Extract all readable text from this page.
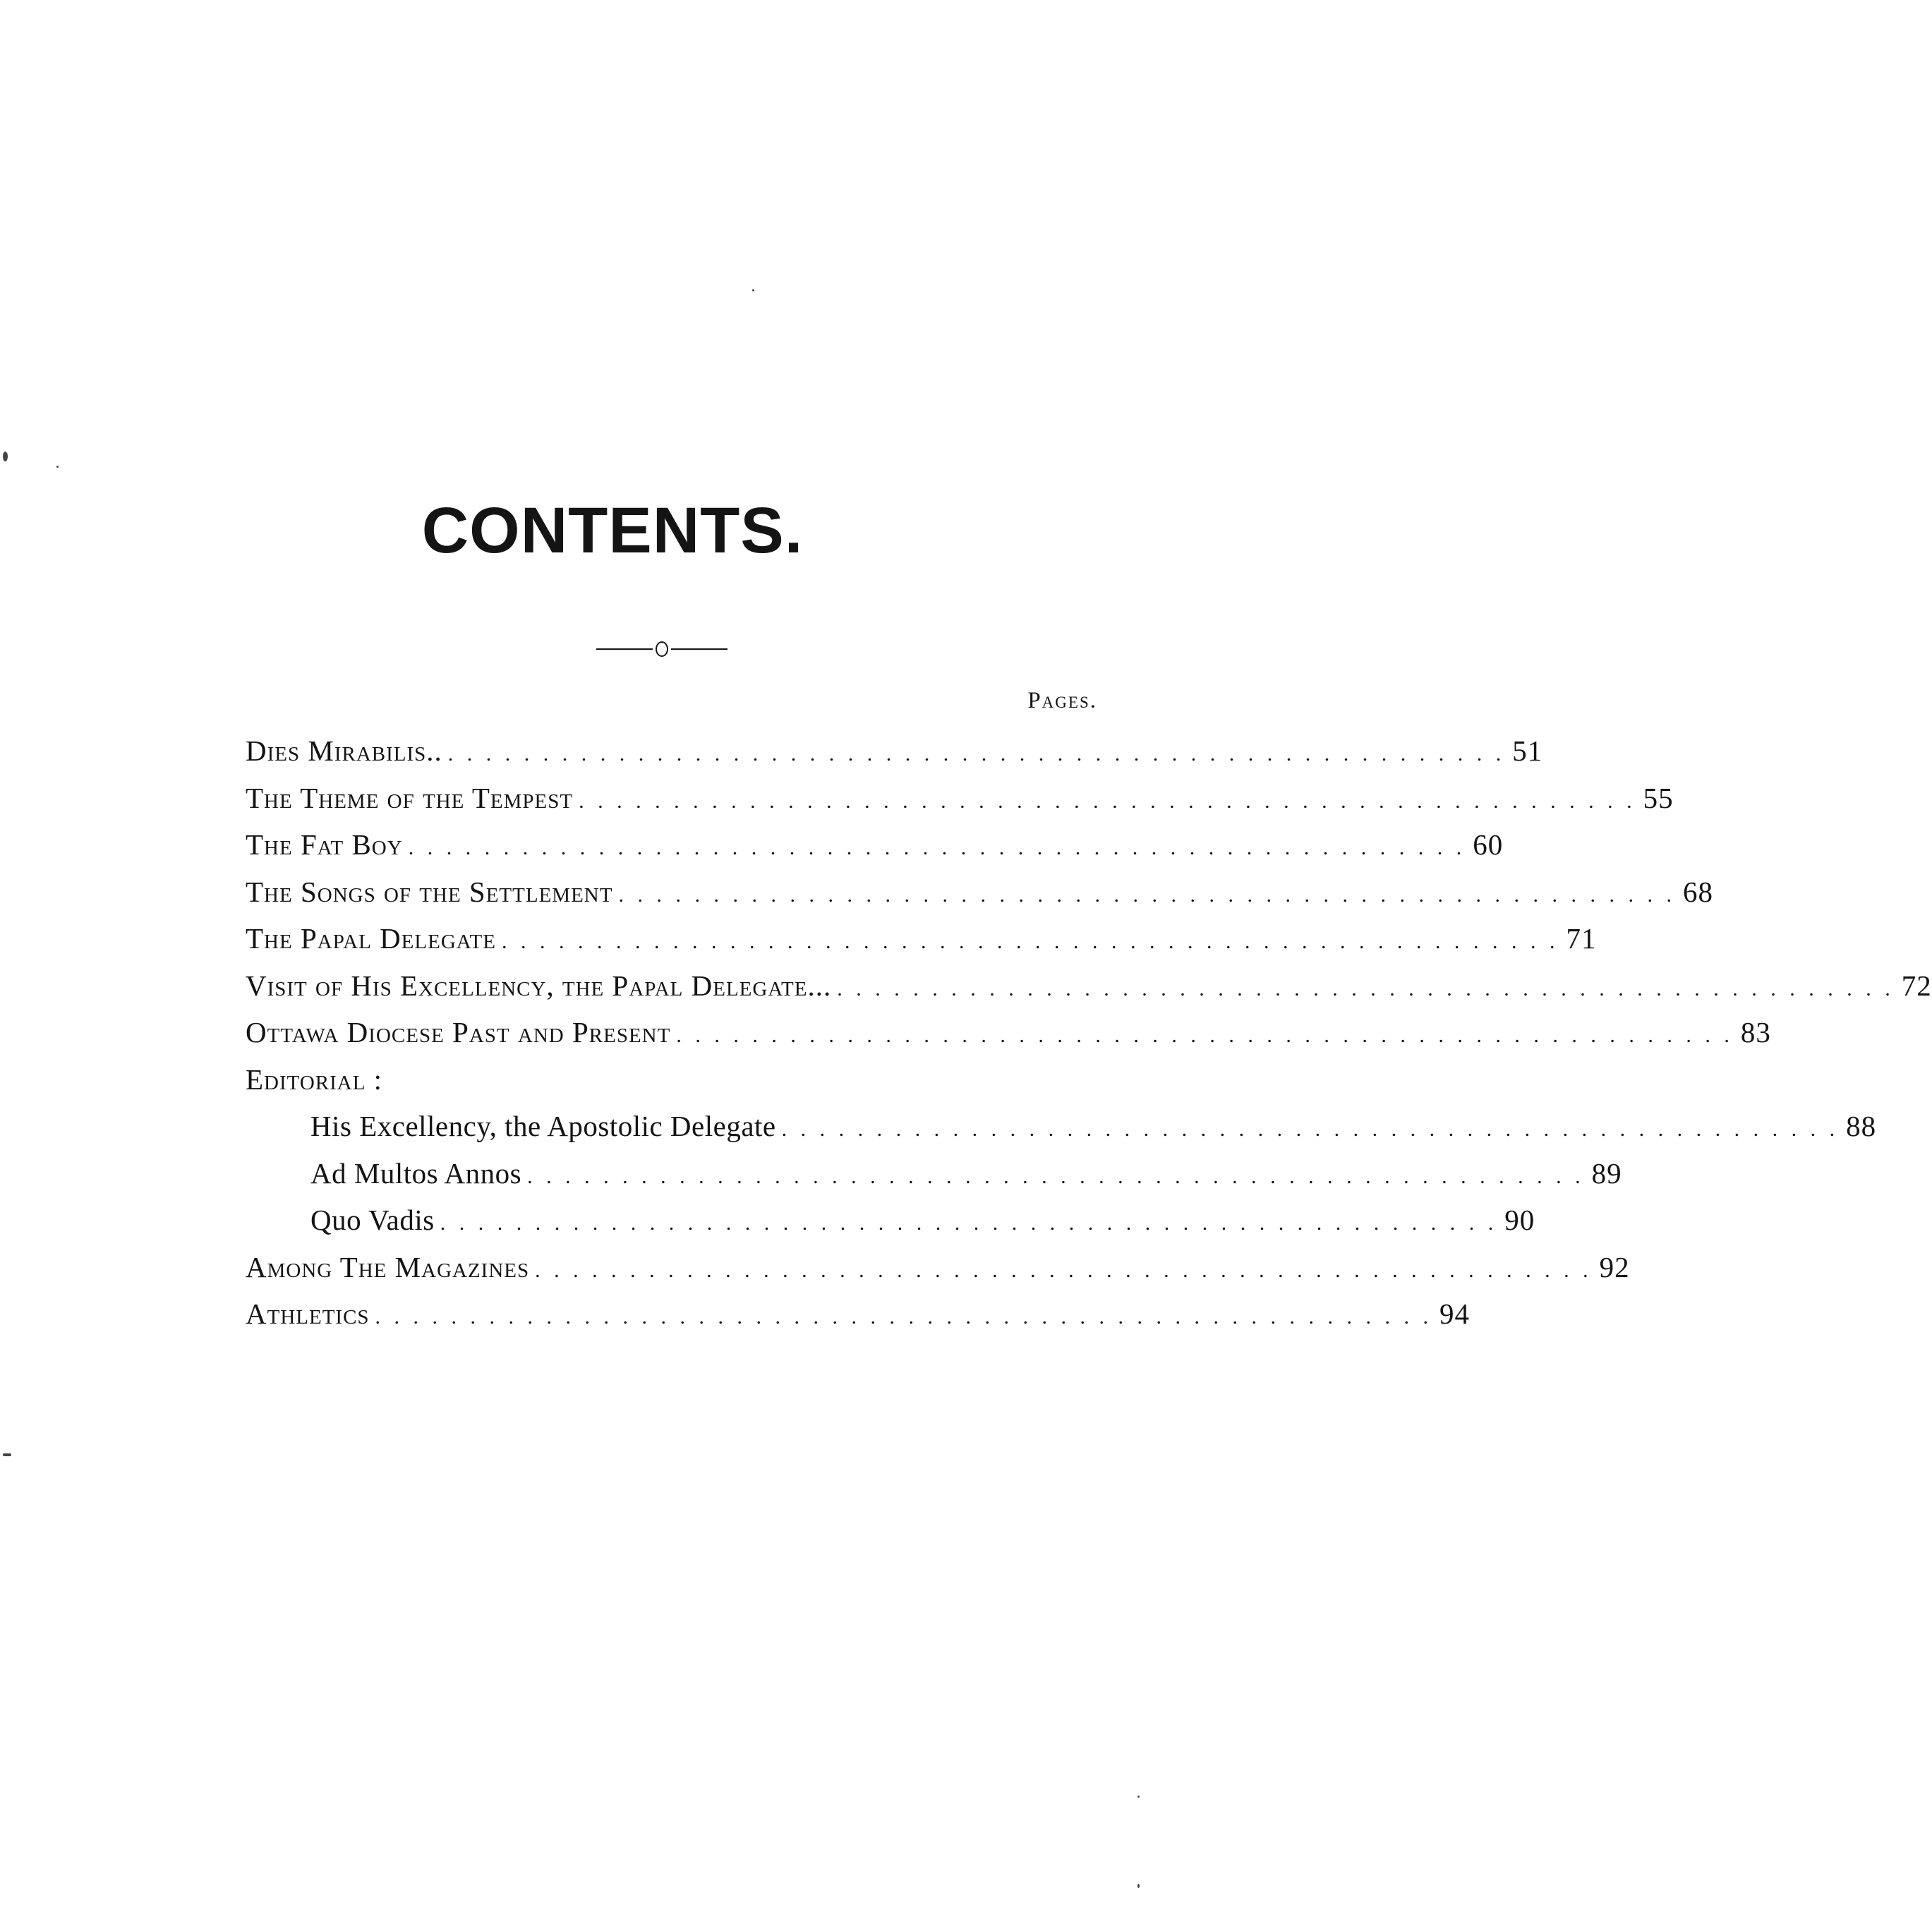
CONTENTS.
Pages.
Dies Mirabilis.. . . . . . . . . . . . . . . . . . . . . . . . . . . . . . . . . . . . . . . . . . . . . . . . . . . . . . . . . 51
The Theme of the Tempest . . . . . . . . . . . . . . . . . . . . . . . . . . . . . . . . . . . . . . . . . . . . . . . . . . . . . . . . 55
The Fat Boy . . . . . . . . . . . . . . . . . . . . . . . . . . . . . . . . . . . . . . . . . . . . . . . . . . . . . . . . 60
The Songs of the Settlement . . . . . . . . . . . . . . . . . . . . . . . . . . . . . . . . . . . . . . . . . . . . . . . . . . . . . . . . 68
The Papal Delegate . . . . . . . . . . . . . . . . . . . . . . . . . . . . . . . . . . . . . . . . . . . . . . . . . . . . . . . . 71
Visit of His Excellency, the Papal Delegate... . . . . . . . . . . . . . . . . . . . . . . . . . . . . . . . . . . . . . . . . . . . . . . . . . . . . . . . . 72
Ottawa Diocese Past and Present . . . . . . . . . . . . . . . . . . . . . . . . . . . . . . . . . . . . . . . . . . . . . . . . . . . . . . . . 83
Editorial :
His Excellency, the Apostolic Delegate . . . . . . . . . . . . . . . . . . . . . . . . . . . . . . . . . . . . . . . . . . . . . . . . . . . . . . . . 88
Ad Multos Annos . . . . . . . . . . . . . . . . . . . . . . . . . . . . . . . . . . . . . . . . . . . . . . . . . . . . . . . . 89
Quo Vadis . . . . . . . . . . . . . . . . . . . . . . . . . . . . . . . . . . . . . . . . . . . . . . . . . . . . . . . . 90
Among The Magazines . . . . . . . . . . . . . . . . . . . . . . . . . . . . . . . . . . . . . . . . . . . . . . . . . . . . . . . . 92
Athletics . . . . . . . . . . . . . . . . . . . . . . . . . . . . . . . . . . . . . . . . . . . . . . . . . . . . . . . . 94
